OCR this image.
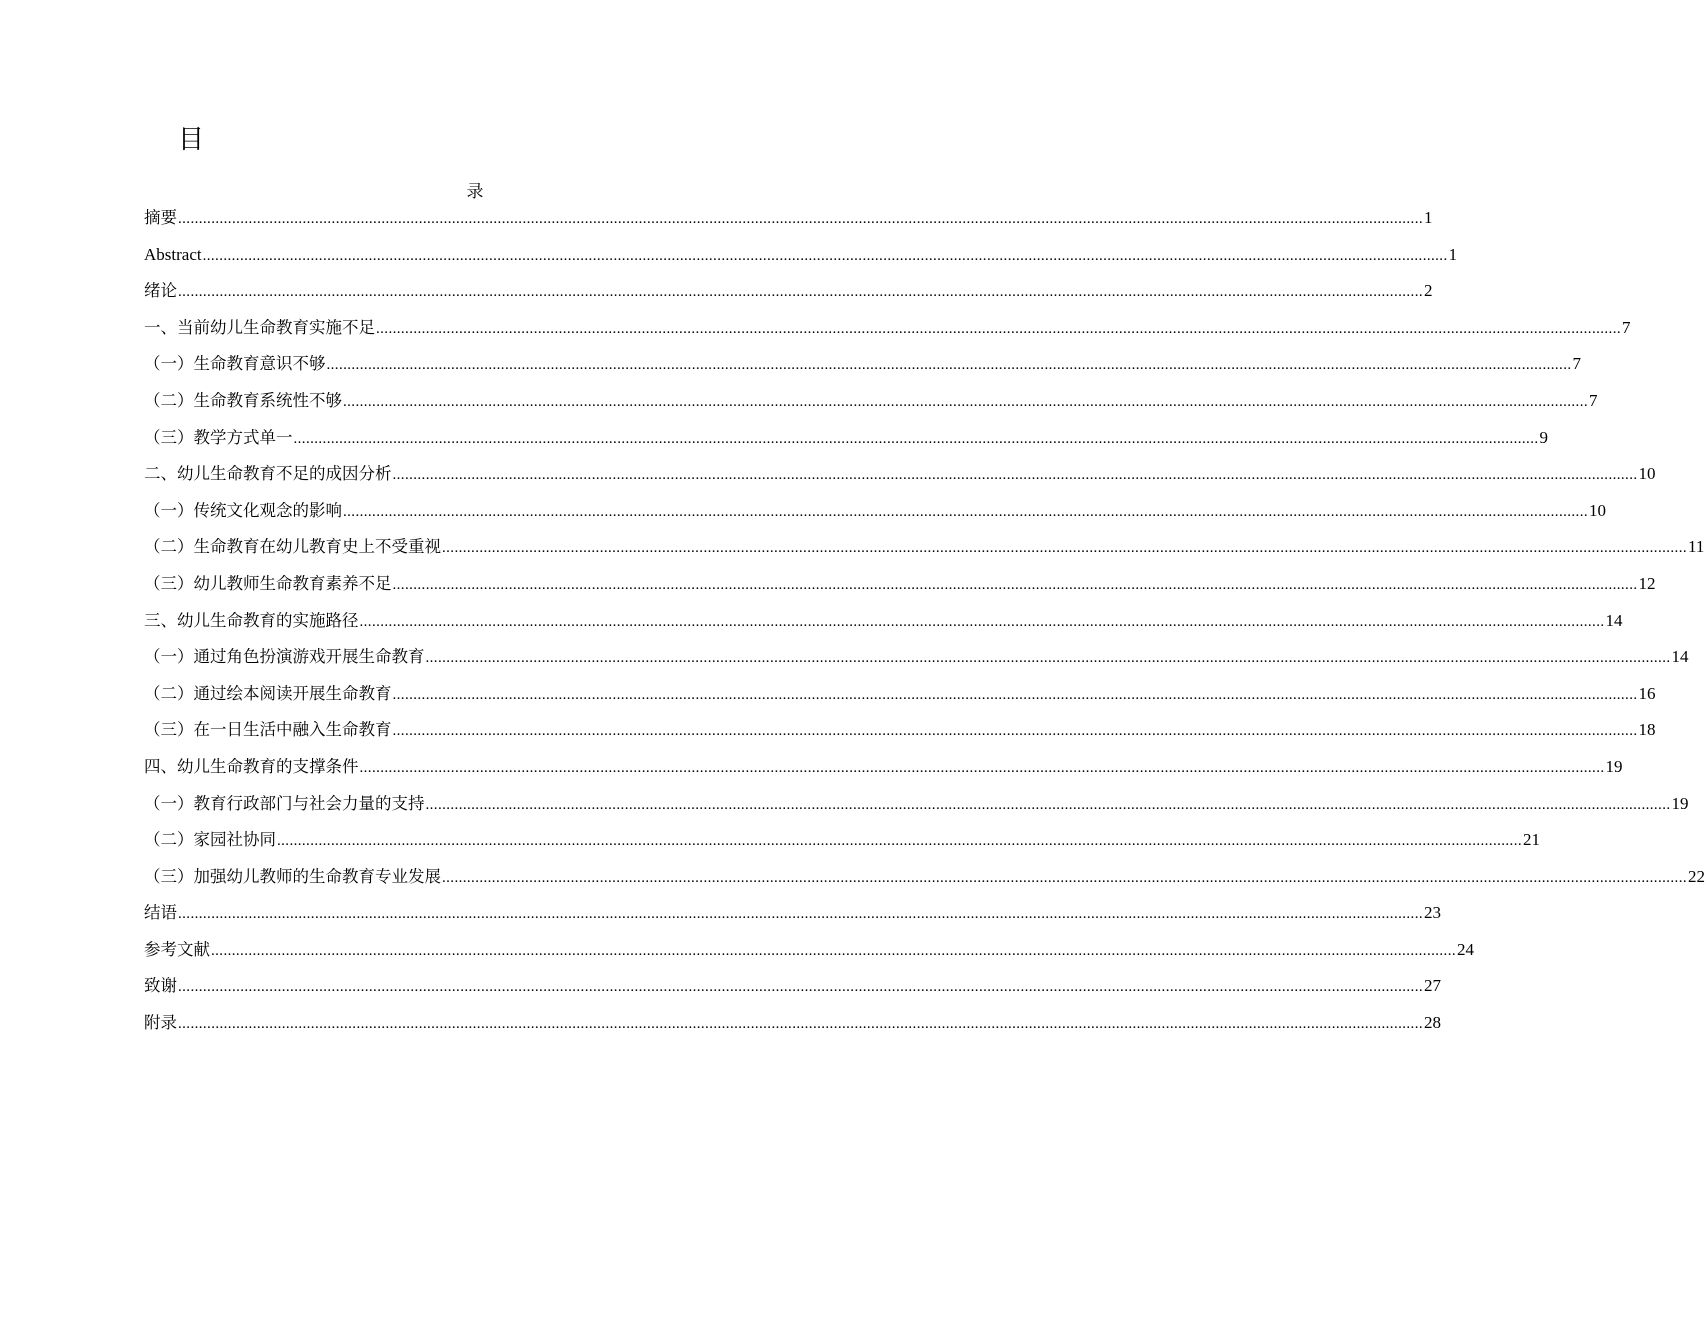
目
录
摘要 ............................................................................................................................................................................................................................................................................................................ 1
Abstract ............................................................................................................................................................................................................................................................................................................ 1
绪论 ............................................................................................................................................................................................................................................................................................................ 2
一、当前幼儿生命教育实施不足 ............................................................................................................................................................................................................................................................................................................ 7
（一）生命教育意识不够 ............................................................................................................................................................................................................................................................................................................ 7
（二）生命教育系统性不够 ............................................................................................................................................................................................................................................................................................................ 7
（三）教学方式单一 ............................................................................................................................................................................................................................................................................................................ 9
二、幼儿生命教育不足的成因分析 ............................................................................................................................................................................................................................................................................................................ 10
（一）传统文化观念的影响 ............................................................................................................................................................................................................................................................................................................ 10
（二）生命教育在幼儿教育史上不受重视 ............................................................................................................................................................................................................................................................................................................ 11
（三）幼儿教师生命教育素养不足 ............................................................................................................................................................................................................................................................................................................ 12
三、幼儿生命教育的实施路径 ............................................................................................................................................................................................................................................................................................................ 14
（一）通过角色扮演游戏开展生命教育 ............................................................................................................................................................................................................................................................................................................ 14
（二）通过绘本阅读开展生命教育 ............................................................................................................................................................................................................................................................................................................ 16
（三）在一日生活中融入生命教育 ............................................................................................................................................................................................................................................................................................................ 18
四、幼儿生命教育的支撑条件 ............................................................................................................................................................................................................................................................................................................ 19
（一）教育行政部门与社会力量的支持 ............................................................................................................................................................................................................................................................................................................ 19
（二）家园社协同 ............................................................................................................................................................................................................................................................................................................ 21
（三）加强幼儿教师的生命教育专业发展 ............................................................................................................................................................................................................................................................................................................ 22
结语 ............................................................................................................................................................................................................................................................................................................ 23
参考文献 ............................................................................................................................................................................................................................................................................................................ 24
致谢 ............................................................................................................................................................................................................................................................................................................ 27
附录 ............................................................................................................................................................................................................................................................................................................ 28
